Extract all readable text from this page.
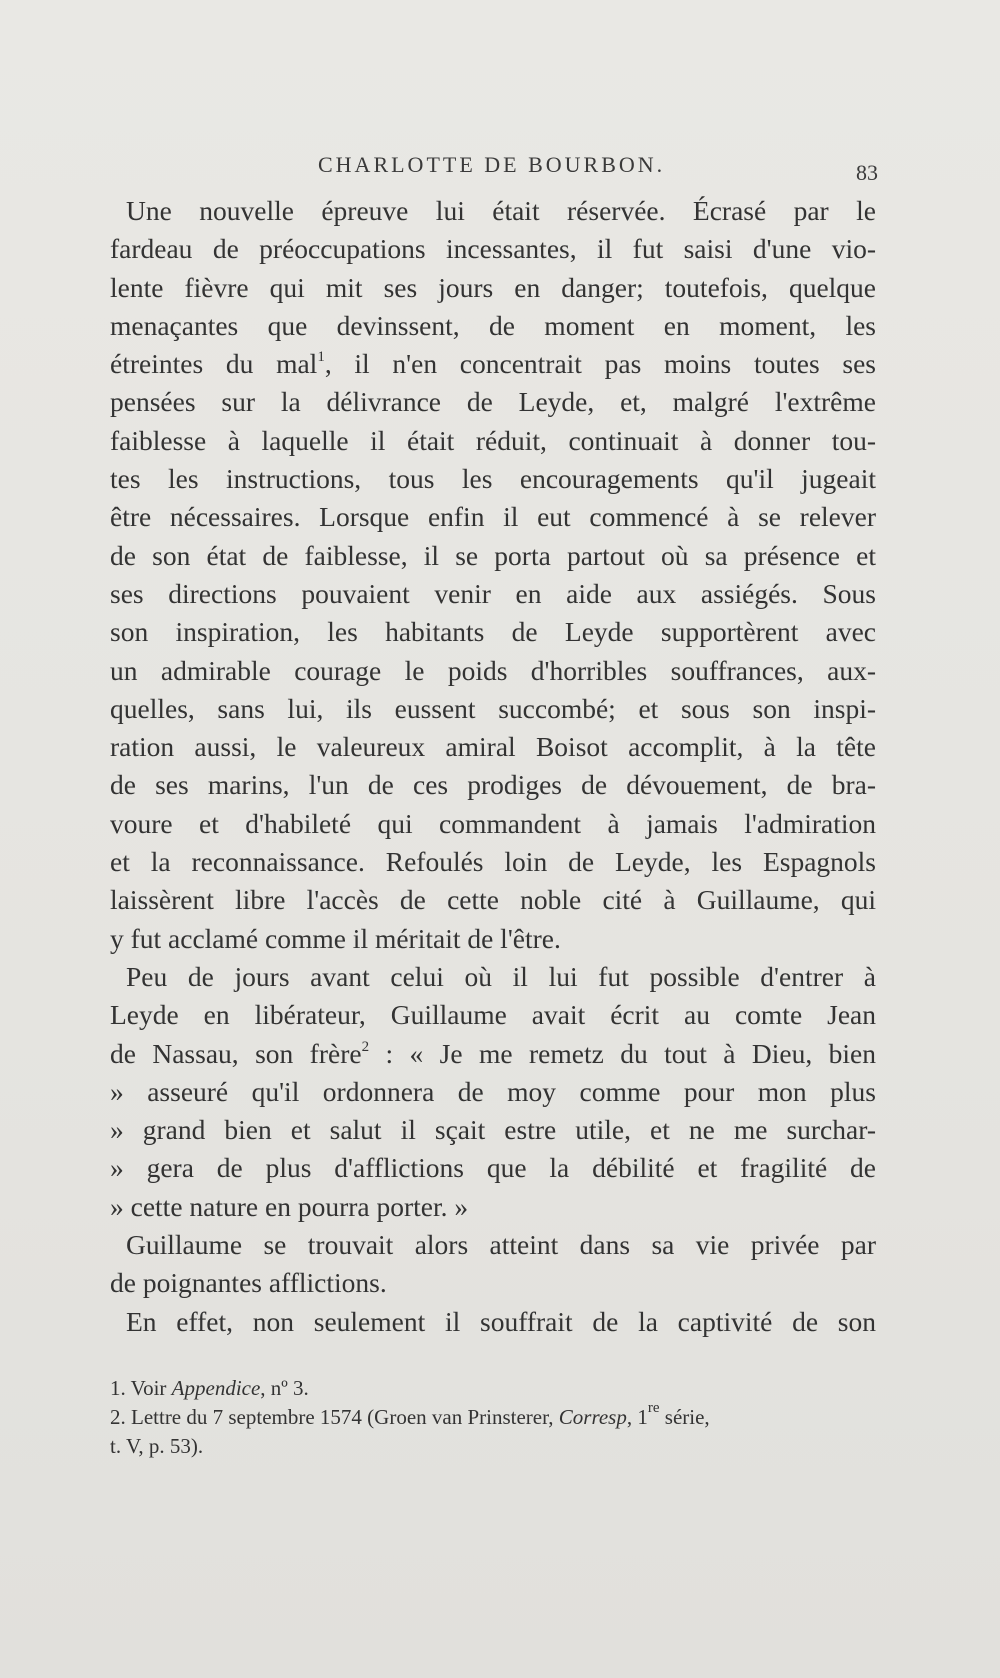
CHARLOTTE DE BOURBON.	83
Une nouvelle épreuve lui était réservée. Écrasé par le
fardeau de préoccupations incessantes, il fut saisi d'une vio-
lente fièvre qui mit ses jours en danger; toutefois, quelque
menaçantes que devinssent, de moment en moment, les
étreintes du mal$^1$, il n'en concentrait pas moins toutes ses
pensées sur la délivrance de Leyde, et, malgré l'extrême
faiblesse à laquelle il était réduit, continuait à donner tou-
tes les instructions, tous les encouragements qu'il jugeait
être nécessaires. Lorsque enfin il eut commencé à se relever
de son état de faiblesse, il se porta partout où sa présence et
ses directions pouvaient venir en aide aux assiégés. Sous
son inspiration, les habitants de Leyde supportèrent avec
un admirable courage le poids d'horribles souffrances, aux-
quelles, sans lui, ils eussent succombé; et sous son inspi-
ration aussi, le valeureux amiral Boisot accomplit, à la tête
de ses marins, l'un de ces prodiges de dévouement, de bra-
voure et d'habileté qui commandent à jamais l'admiration
et la reconnaissance. Refoulés loin de Leyde, les Espagnols
laissèrent libre l'accès de cette noble cité à Guillaume, qui
y fut acclamé comme il méritait de l'être.
Peu de jours avant celui où il lui fut possible d'entrer à
Leyde en libérateur, Guillaume avait écrit au comte Jean
de Nassau, son frère$^2$ : « Je me remetz du tout à Dieu, bien
» asseuré qu'il ordonnera de moy comme pour mon plus
» grand bien et salut il sçait estre utile, et ne me surchar-
» gera de plus d'afflictions que la débilité et fragilité de
» cette nature en pourra porter. »
Guillaume se trouvait alors atteint dans sa vie privée par
de poignantes afflictions.
En effet, non seulement il souffrait de la captivité de son
1. Voir Appendice, nº 3.
2. Lettre du 7 septembre 1574 (Groen van Prinsterer, Corresp, 1re série,
t. V, p. 53).
